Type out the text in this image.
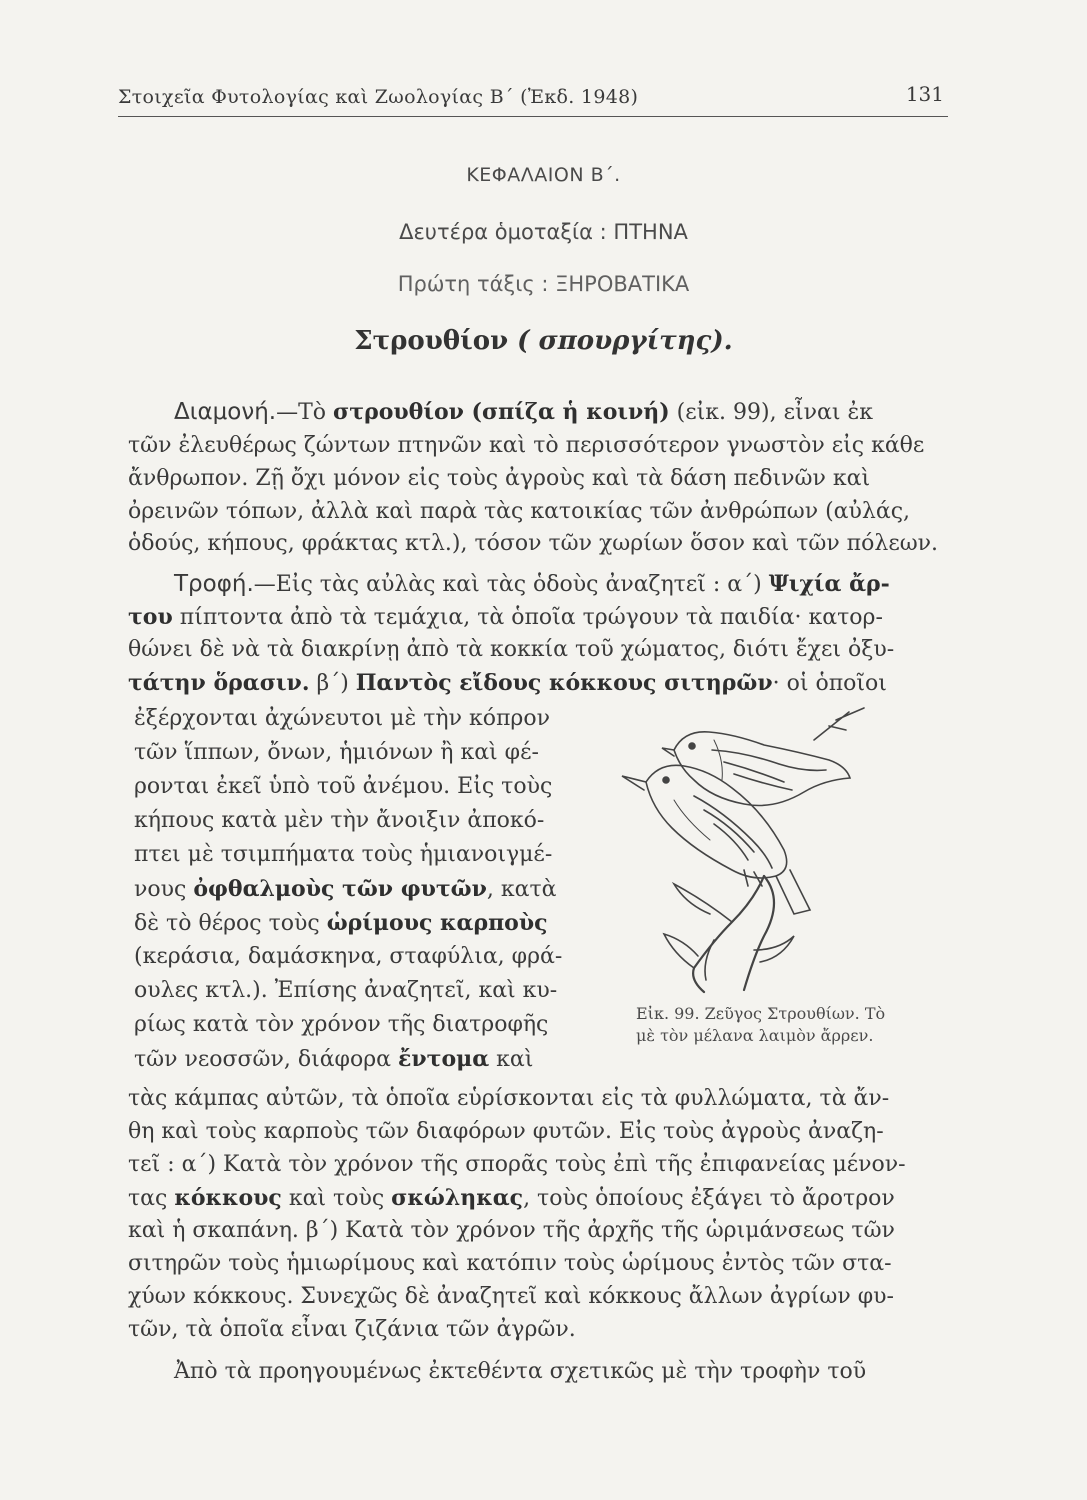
Στοιχεῖα Φυτολογίας καὶ Ζωολογίας Β΄ (Ἐκδ. 1948)	131
ΚΕΦΑΛΑΙΟΝ Β΄.
Δευτέρα ὁμοταξία : ΠΤΗΝΑ
Πρώτη τάξις : ΞΗΡΟΒΑΤΙΚΑ
Στρουθίον ( σπουργίτης).
Διαμονή.—Τὸ στρουθίον (σπίζα ἡ κοινή) (εἰκ. 99), εἶναι ἐκ
τῶν ἐλευθέρως ζώντων πτηνῶν καὶ τὸ περισσότερον γνωστὸν εἰς κάθε
ἄνθρωπον. Ζῇ ὄχι μόνον εἰς τοὺς ἀγροὺς καὶ τὰ δάση πεδινῶν καὶ
ὀρεινῶν τόπων, ἀλλὰ καὶ παρὰ τὰς κατοικίας τῶν ἀνθρώπων (αὐλάς,
ὁδούς, κήπους, φράκτας κτλ.), τόσον τῶν χωρίων ὅσον καὶ τῶν πόλεων.
Τροφή.—Εἰς τὰς αὐλὰς καὶ τὰς ὁδοὺς ἀναζητεῖ : α΄) Ψιχία ἄρ-
του πίπτοντα ἀπὸ τὰ τεμάχια, τὰ ὁποῖα τρώγουν τὰ παιδία· κατορ-
θώνει δὲ νὰ τὰ διακρίνῃ ἀπὸ τὰ κοκκία τοῦ χώματος, διότι ἔχει ὀξυ-
τάτην ὅρασιν. β΄) Παντὸς εἴδους κόκκους σιτηρῶν· οἱ ὁποῖοι
ἐξέρχονται ἀχώνευτοι μὲ τὴν κόπρον
τῶν ἵππων, ὄνων, ἡμιόνων ἢ καὶ φέ-
ρονται ἐκεῖ ὑπὸ τοῦ ἀνέμου. Εἰς τοὺς
κήπους κατὰ μὲν τὴν ἄνοιξιν ἀποκό-
πτει μὲ τσιμπήματα τοὺς ἡμιανοιγμέ-
νους ὀφθαλμοὺς τῶν φυτῶν, κατὰ
δὲ τὸ θέρος τοὺς ὡρίμους καρποὺς
(κεράσια, δαμάσκηνα, σταφύλια, φρά-
ουλες κτλ.). Ἐπίσης ἀναζητεῖ, καὶ κυ-
ρίως κατὰ τὸν χρόνον τῆς διατροφῆς
τῶν νεοσσῶν, διάφορα ἔντομα καὶ
τὰς κάμπας αὐτῶν, τὰ ὁποῖα εὑρίσκονται εἰς τὰ φυλλώματα, τὰ ἄν-
θη καὶ τοὺς καρποὺς τῶν διαφόρων φυτῶν. Εἰς τοὺς ἀγροὺς ἀναζη-
τεῖ : α΄) Κατὰ τὸν χρόνον τῆς σπορᾶς τοὺς ἐπὶ τῆς ἐπιφανείας μένον-
τας κόκκους καὶ τοὺς σκώληκας, τοὺς ὁποίους ἐξάγει τὸ ἄροτρον
καὶ ἡ σκαπάνη. β΄) Κατὰ τὸν χρόνον τῆς ἀρχῆς τῆς ὡριμάνσεως τῶν
σιτηρῶν τοὺς ἡμιωρίμους καὶ κατόπιν τοὺς ὡρίμους ἐντὸς τῶν στα-
χύων κόκκους. Συνεχῶς δὲ ἀναζητεῖ καὶ κόκκους ἄλλων ἀγρίων φυ-
τῶν, τὰ ὁποῖα εἶναι ζιζάνια τῶν ἀγρῶν.
Ἀπὸ τὰ προηγουμένως ἐκτεθέντα σχετικῶς μὲ τὴν τροφὴν τοῦ
Εἰκ. 99. Ζεῦγος Στρουθίων. Τὸ
μὲ τὸν μέλανα λαιμὸν ἄρρεν.
